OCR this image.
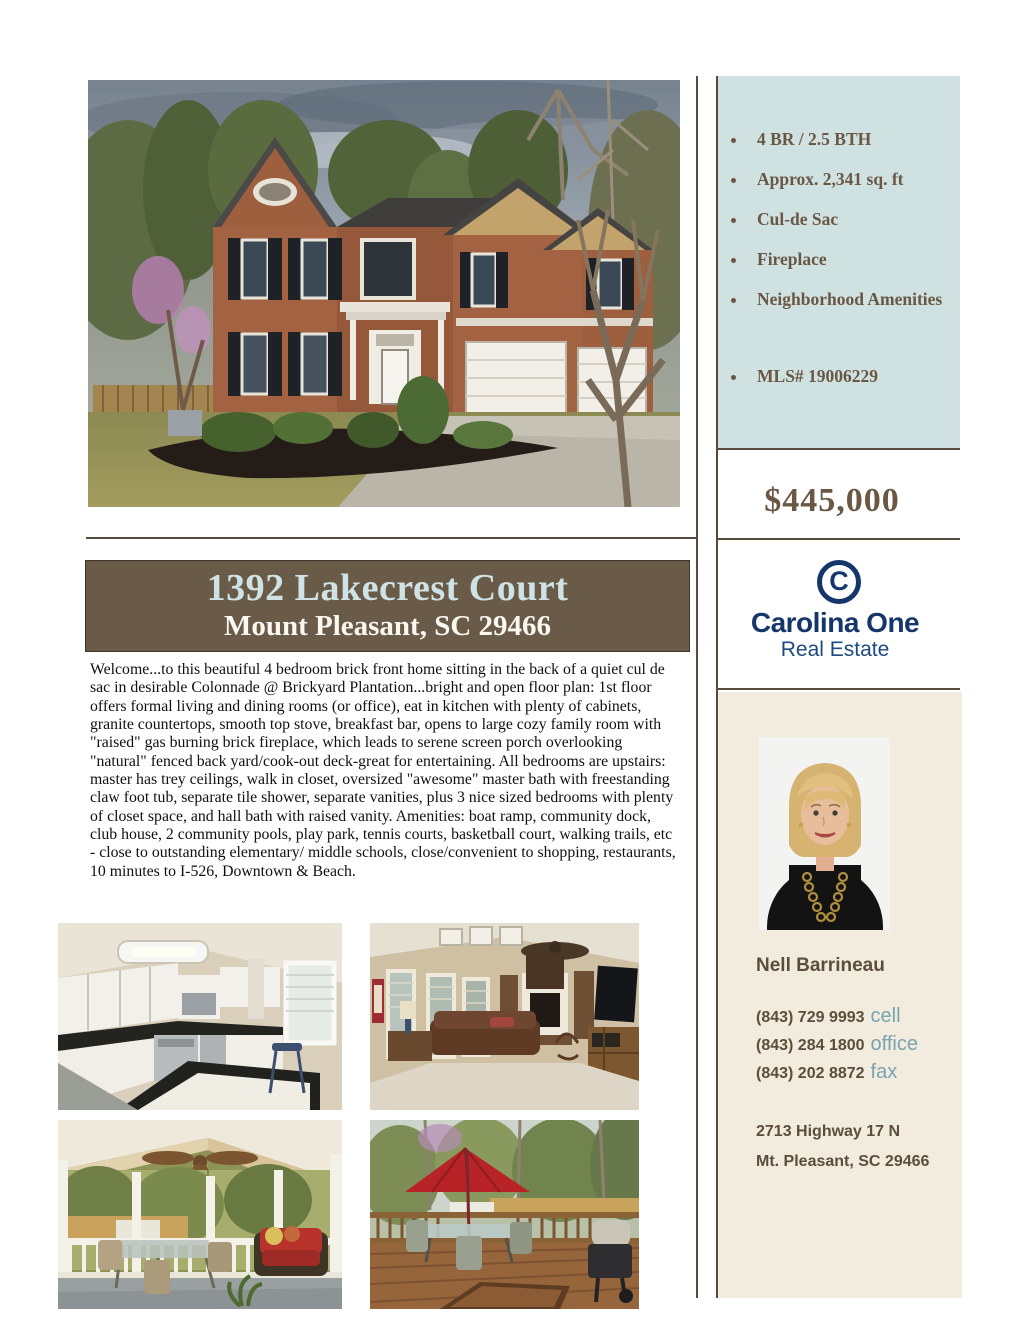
1392 Lakecrest Court
Mount Pleasant, SC 29466
Welcome...to this beautiful 4 bedroom brick front home sitting in the back of a quiet cul de sac in desirable Colonnade @ Brickyard Plantation...bright and open floor plan: 1st floor offers formal living and dining rooms (or office), eat in kitchen with plenty of cabinets, granite countertops, smooth top stove, breakfast bar, opens to large cozy family room with "raised" gas burning brick fireplace, which leads to serene screen porch overlooking "natural" fenced back yard/cook-out deck-great for entertaining. All bedrooms are upstairs: master has trey ceilings, walk in closet, oversized "awesome" master bath with freestanding claw foot tub, separate tile shower, separate vanities, plus 3 nice sized bedrooms with plenty of closet space, and hall bath with raised vanity. Amenities: boat ramp, community dock, club house, 2 community pools, play park, tennis courts, basketball court, walking trails, etc - close to outstanding elementary/ middle schools, close/convenient to shopping, restaurants, 10 minutes to I-526, Downtown & Beach.
• 4 BR / 2.5 BTH
• Approx. 2,341 sq. ft
• Cul-de Sac
• Fireplace
• Neighborhood Amenities
• MLS# 19006229
$445,000
C
Carolina One
Real Estate
Nell Barrineau
(843) 729 9993 cell
(843) 284 1800 office
(843) 202 8872 fax
2713 Highway 17 N
Mt. Pleasant, SC 29466
